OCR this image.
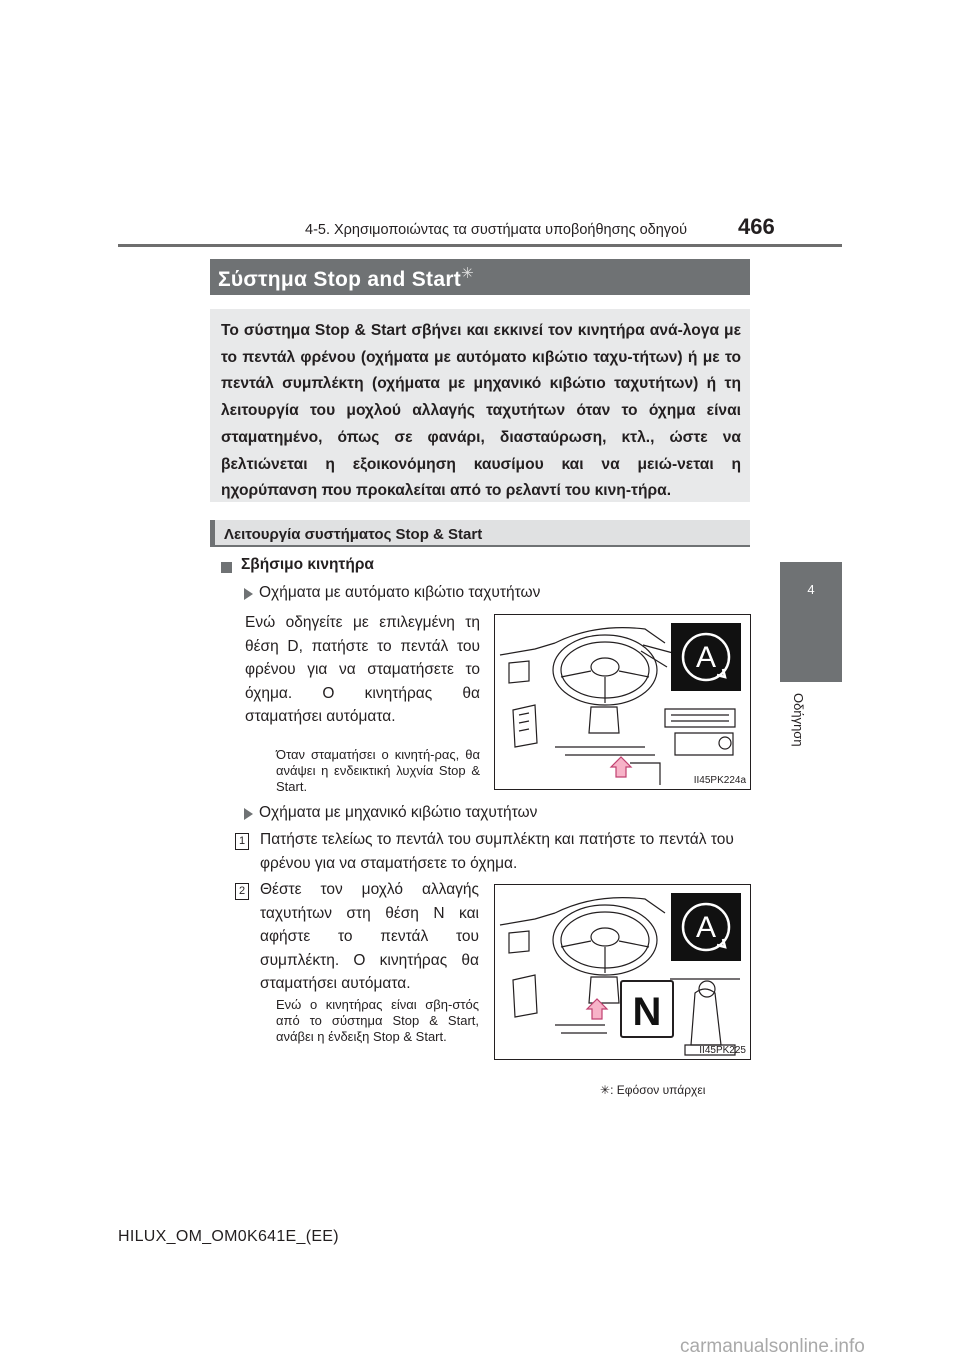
4-5. Χρησιμοποιώντας τα συστήματα υποβοήθησης οδηγού 466
4
Οδήγηση
Σύστημα Stop and Start✳
Το σύστημα Stop & Start σβήνει και εκκινεί τον κινητήρα ανά-λογα με το πεντάλ φρένου (οχήματα με αυτόματο κιβώτιο ταχυ-τήτων) ή με το πεντάλ συμπλέκτη (οχήματα με μηχανικό κιβώτιο ταχυτήτων) ή τη λειτουργία του μοχλού αλλαγής ταχυτήτων όταν το όχημα είναι σταματημένο, όπως σε φανάρι, διασταύρωση, κτλ., ώστε να βελτιώνεται η εξοικονόμηση καυσίμου και να μειώ-νεται η ηχορύπανση που προκαλείται από το ρελαντί του κινη-τήρα.
Λειτουργία συστήματος Stop & Start
Σβήσιμο κινητήρα
Οχήματα με αυτόματο κιβώτιο ταχυτήτων
Ενώ οδηγείτε με επιλεγμένη τη θέση D, πατήστε το πεντάλ του φρένου για να σταματήσετε το όχημα. Ο κινητήρας θα σταματήσει αυτόματα.
Όταν σταματήσει ο κινητή-ρας, θα ανάψει η ενδεικτική λυχνία Stop & Start.
A
II45PK224a
Οχήματα με μηχανικό κιβώτιο ταχυτήτων
1 Πατήστε τελείως το πεντάλ του συμπλέκτη και πατήστε το πεντάλ του φρένου για να σταματήσετε το όχημα.
2 Θέστε τον μοχλό αλλαγής ταχυτήτων στη θέση N και αφήστε το πεντάλ του συμπλέκτη. Ο κινητήρας θα σταματήσει αυτόματα.
Ενώ ο κινητήρας είναι σβη-στός από το σύστημα Stop & Start, ανάβει η ένδειξη Stop & Start.
A
N
II45PK225
✳: Εφόσον υπάρχει
HILUX_OM_OM0K641E_(EE)
carmanualsonline.info
